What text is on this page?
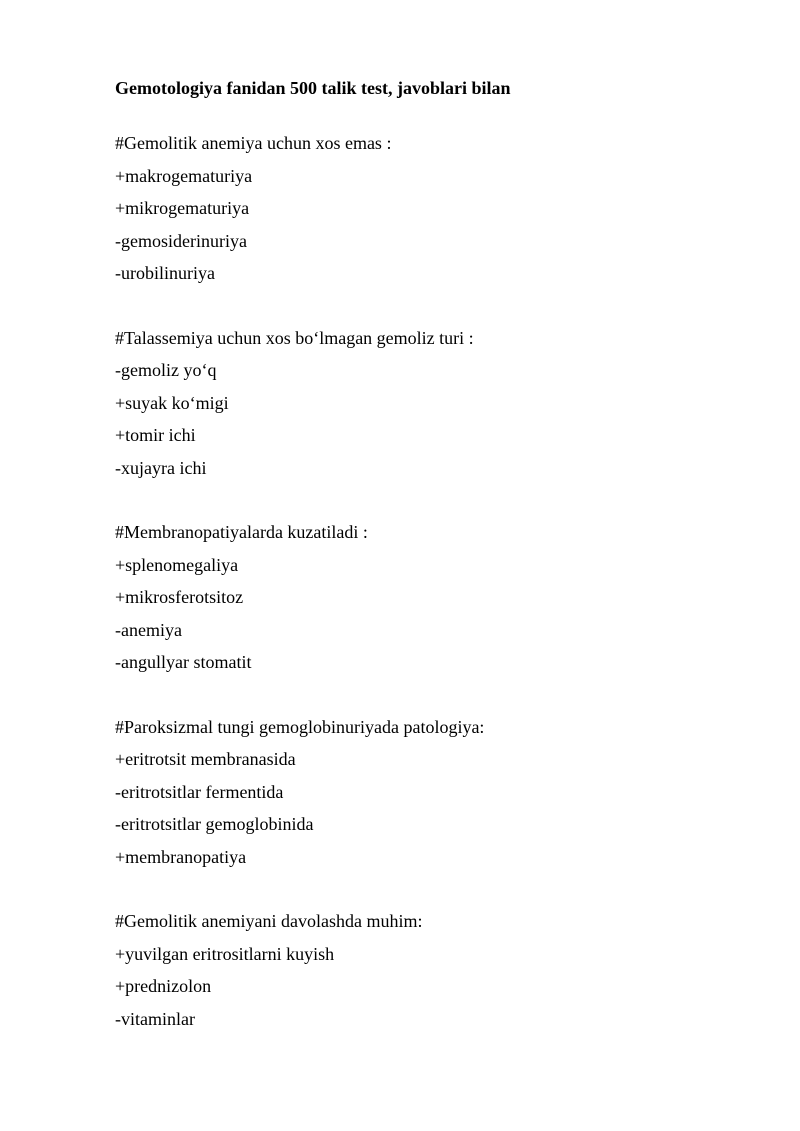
Gemotologiya fanidan 500 talik test, javoblari bilan
#Gemolitik anemiya uchun xos emas :
+makrogematuriya
+mikrogematuriya
-gemosiderinuriya
-urobilinuriya
#Talassemiya uchun xos bo‘lmagan gemoliz turi :
-gemoliz yo‘q
+suyak ko‘migi
+tomir ichi
-xujayra ichi
#Membranopatiyalarda kuzatiladi :
+splenomegaliya
+mikrosferotsitoz
-anemiya
-angullyar stomatit
#Paroksizmal tungi gemoglobinuriyada patologiya:
+eritrotsit membranasida
-eritrotsitlar fermentida
-eritrotsitlar gemoglobinida
+membranopatiya
#Gemolitik anemiyani davolashda muhim:
+yuvilgan eritrositlarni kuyish
+prednizolon
-vitaminlar
